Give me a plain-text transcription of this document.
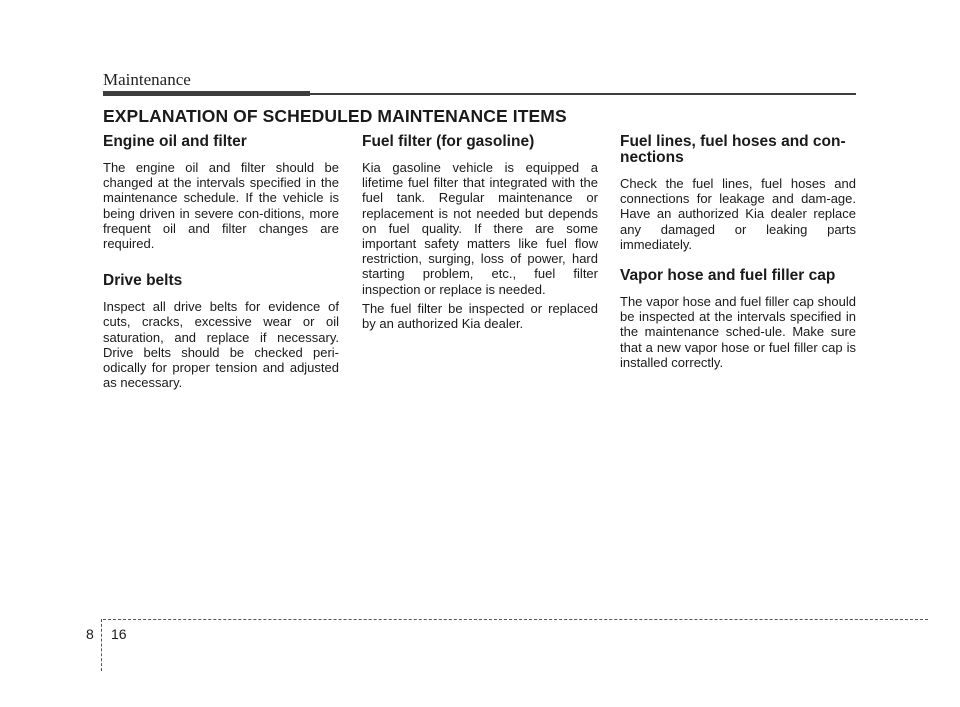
Maintenance
EXPLANATION OF SCHEDULED MAINTENANCE ITEMS
Engine oil and filter

The engine oil and filter should be changed at the intervals specified in the maintenance schedule. If the vehicle is being driven in severe con-ditions, more frequent oil and filter changes are required.

Drive belts

Inspect all drive belts for evidence of cuts, cracks, excessive wear or oil saturation, and replace if necessary. Drive belts should be checked peri-odically for proper tension and adjusted as necessary.

Fuel filter (for gasoline)

Kia gasoline vehicle is equipped a lifetime fuel filter that integrated with the fuel tank. Regular maintenance or replacement is not needed but depends on fuel quality. If there are some important safety matters like fuel flow restriction, surging, loss of power, hard starting problem, etc., fuel filter inspection or replace is needed.

The fuel filter be inspected or replaced by an authorized Kia dealer.

Fuel lines, fuel hoses and con-nections

Check the fuel lines, fuel hoses and connections for leakage and dam-age. Have an authorized Kia dealer replace any damaged or leaking parts immediately.

Vapor hose and fuel filler cap

The vapor hose and fuel filler cap should be inspected at the intervals specified in the maintenance sched-ule. Make sure that a new vapor hose or fuel filler cap is installed correctly.

8 16
